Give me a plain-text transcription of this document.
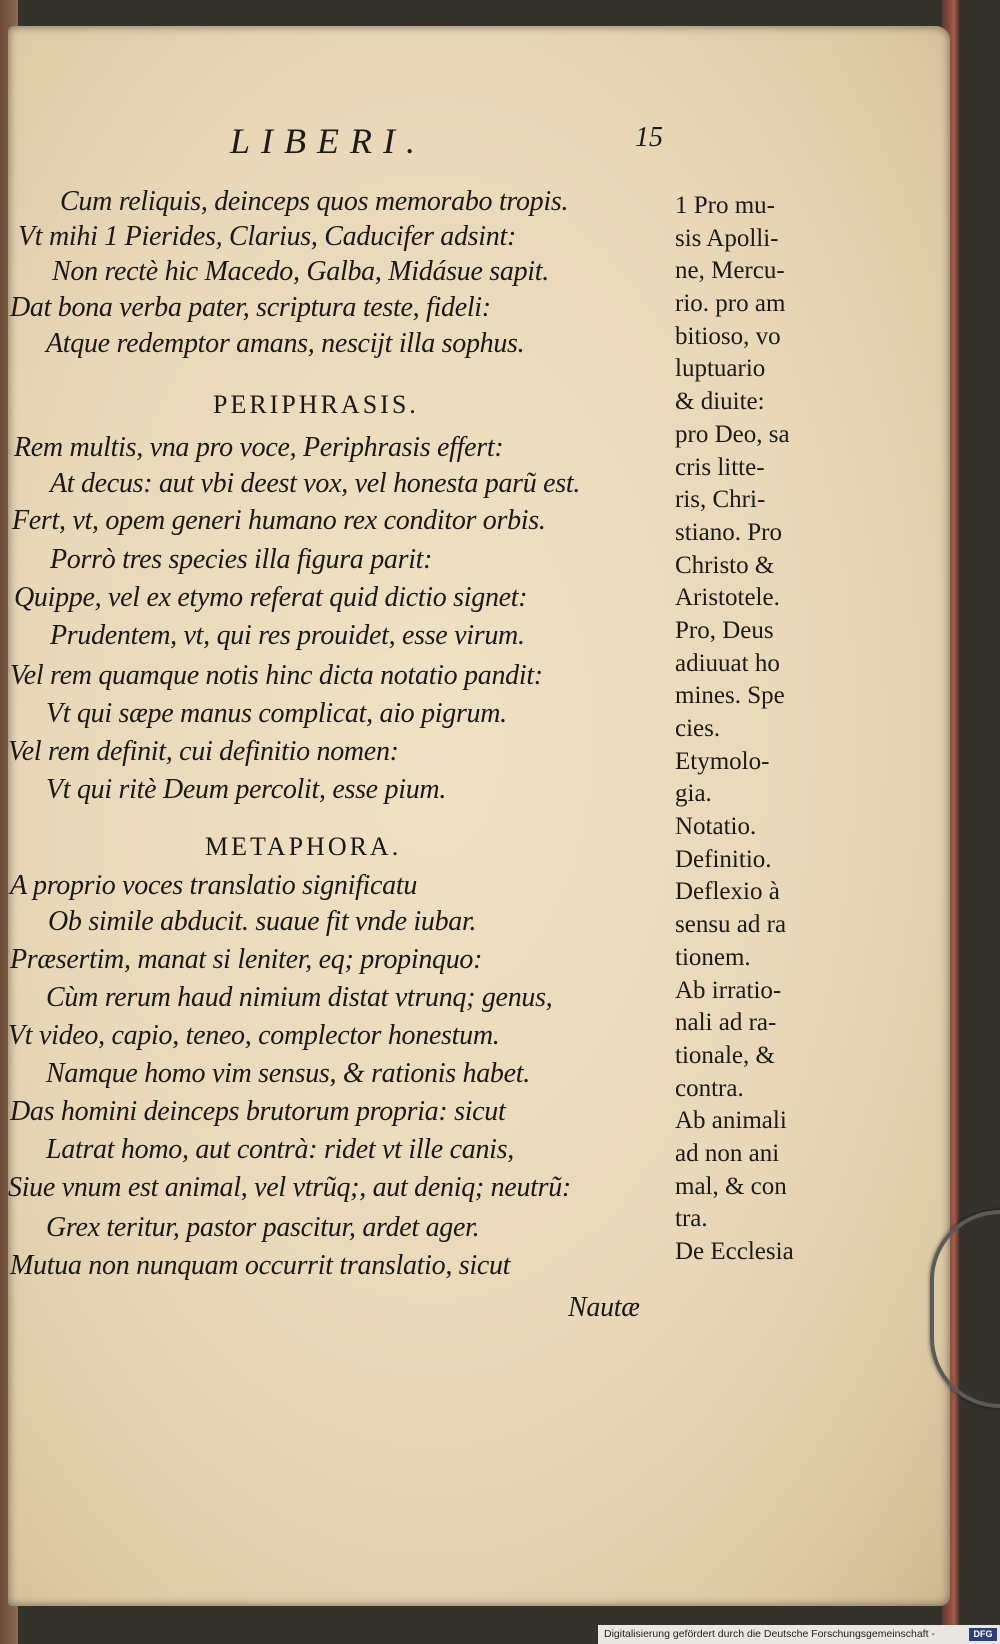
LIBERI.	15
Cum reliquis, deinceps quos memorabo tropis.
Vt mihi 1 Pierides, Clarius, Caducifer adsint:
Non rectè hic Macedo, Galba, Midásue sapit.
Dat bona verba pater, scriptura teste, fideli:
Atque redemptor amans, nescijt illa sophus.
PERIPHRASIS.
Rem multis, vna pro voce, Periphrasis effert:
At decus: aut vbi deest vox, vel honesta parũ est.
Fert, vt, opem generi humano rex conditor orbis.
Porrò tres species illa figura parit:
Quippe, vel ex etymo referat quid dictio signet:
Prudentem, vt, qui res prouidet, esse virum.
Vel rem quamque notis hinc dicta notatio pandit:
Vt qui sæpe manus complicat, aio pigrum.
Vel rem definit, cui definitio nomen:
Vt qui ritè Deum percolit, esse pium.
METAPHORA.
A proprio voces translatio significatu
Ob simile abducit. suaue fit vnde iubar.
Præsertim, manat si leniter, eq; propinquo:
Cùm rerum haud nimium distat vtrunq; genus,
Vt video, capio, teneo, complector honestum.
Namque homo vim sensus, & rationis habet.
Das homini deinceps brutorum propria: sicut
Latrat homo, aut contrà: ridet vt ille canis,
Siue vnum est animal, vel vtrũq;, aut deniq; neutrũ:
Grex teritur, pastor pascitur, ardet ager.
Mutua non nunquam occurrit translatio, sicut
Nautæ
1 Pro mu-
sis Apolli-
ne, Mercu-
rio. pro am
bitioso, vo
luptuario
& diuite:
pro Deo, sa
cris litte-
ris, Chri-
stiano. Pro
Christo &
Aristotele.
Pro, Deus
adiuuat ho
mines. Spe
cies.
Etymolo-
gia.
Notatio.
Definitio.
Deflexio à
sensu ad ra
tionem.
Ab irratio-
nali ad ra-
tionale, &
contra.
Ab animali
ad non ani
mal, & con
tra.
De Ecclesia
Digitalisierung gefördert durch die Deutsche Forschungsgemeinschaft -	DFG
